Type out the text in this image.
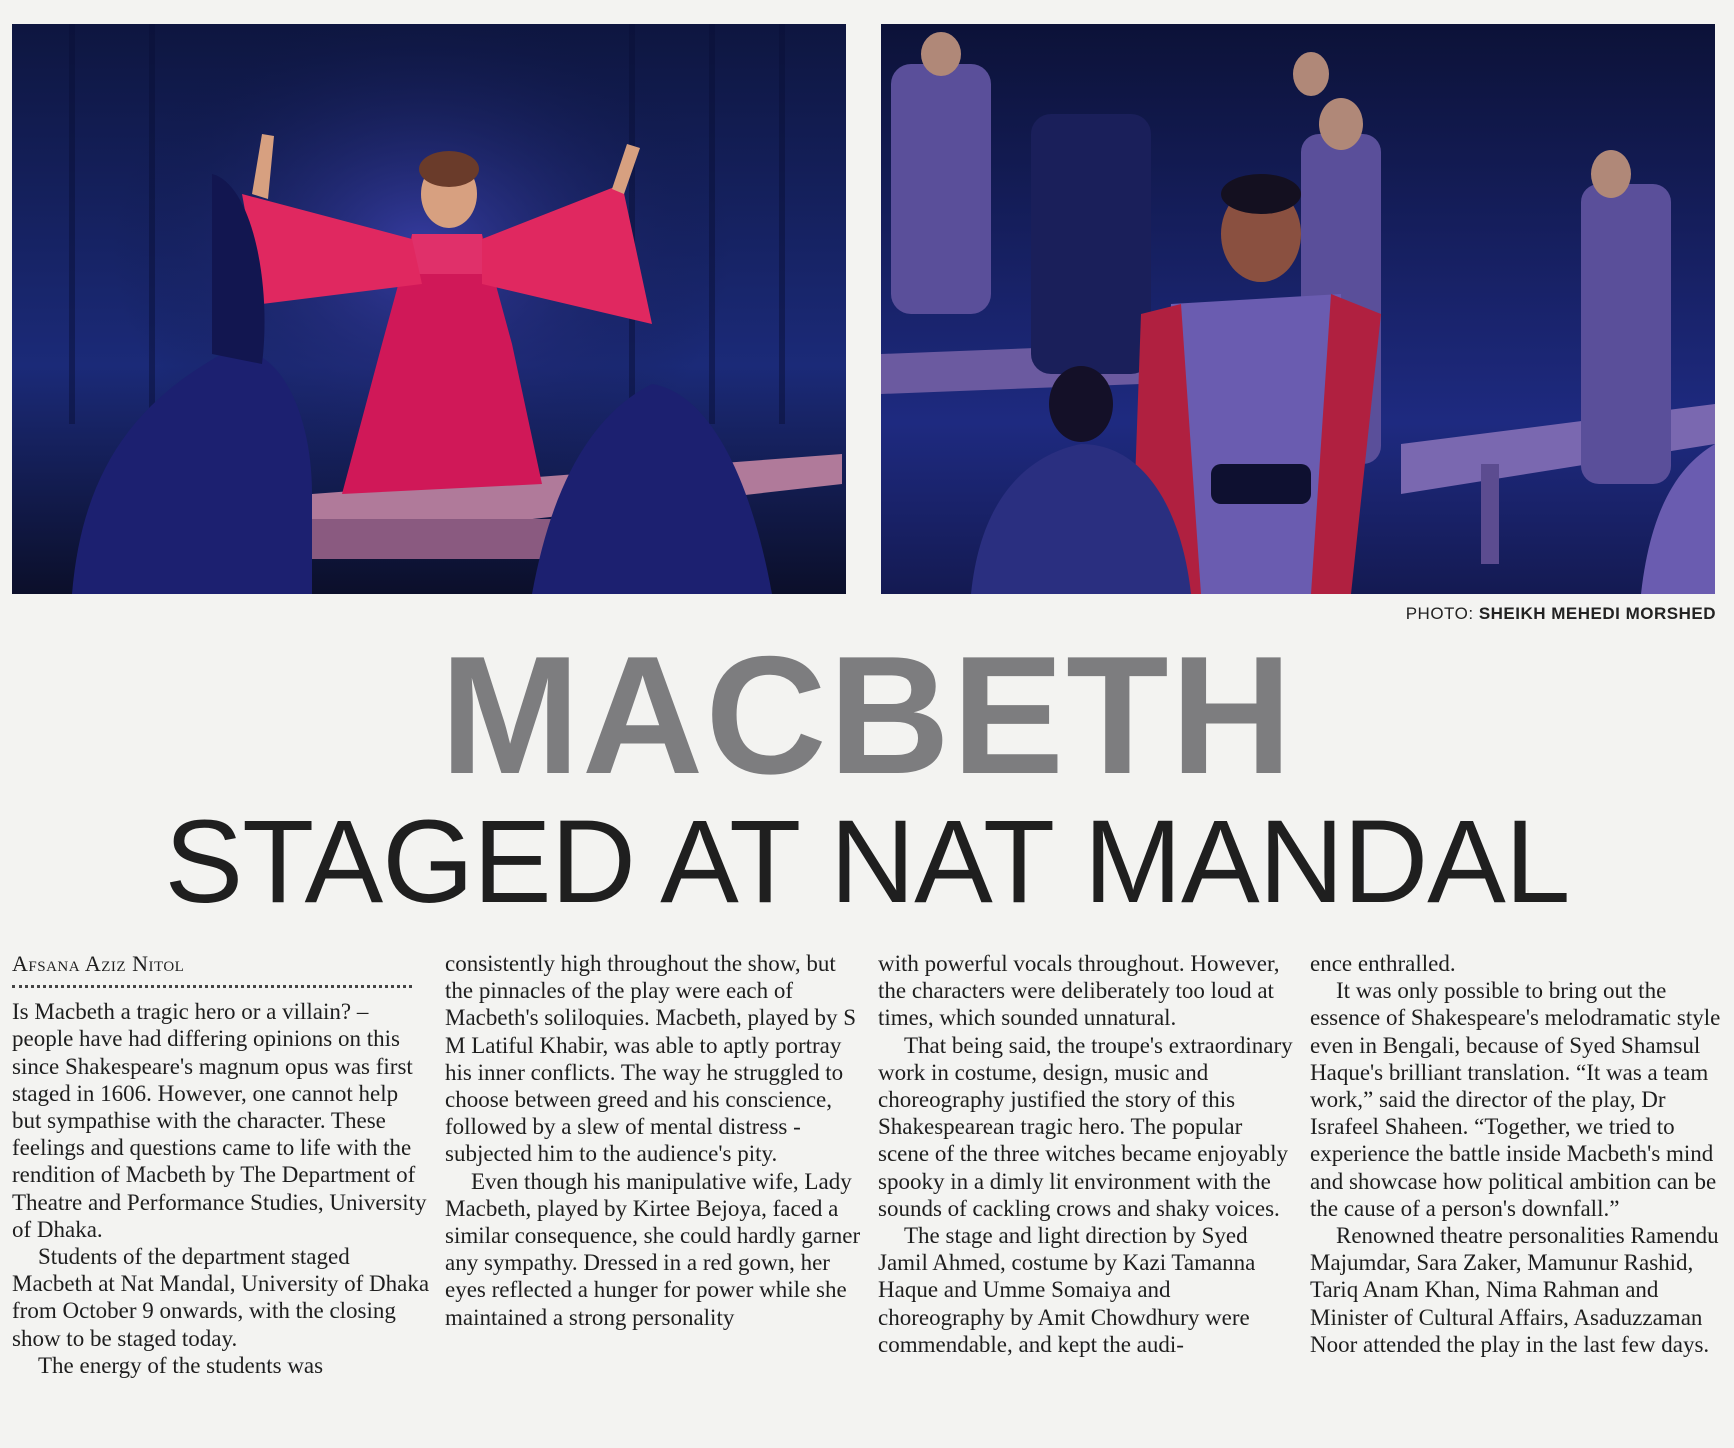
PHOTO: SHEIKH MEHEDI MORSHED
MACBETH
STAGED AT NAT MANDAL
Afsana Aziz Nitol

Is Macbeth a tragic hero or a villain? – people have had differing opinions on this since Shakespeare's magnum opus was first staged in 1606. However, one cannot help but sympathise with the character. These feelings and questions came to life with the rendition of Macbeth by The Department of Theatre and Performance Studies, University of Dhaka.

Students of the department staged Macbeth at Nat Mandal, University of Dhaka from October 9 onwards, with the closing show to be staged today.

The energy of the students was

consistently high throughout the show, but the pinnacles of the play were each of Macbeth's soliloquies. Macbeth, played by S M Latiful Khabir, was able to aptly portray his inner conflicts. The way he struggled to choose between greed and his conscience, followed by a slew of mental distress - subjected him to the audience's pity.

Even though his manipulative wife, Lady Macbeth, played by Kirtee Bejoya, faced a similar consequence, she could hardly garner any sympathy. Dressed in a red gown, her eyes reflected a hunger for power while she maintained a strong personality

with powerful vocals throughout. However, the characters were deliberately too loud at times, which sounded unnatural.

That being said, the troupe's extraordinary work in costume, design, music and choreography justified the story of this Shakespearean tragic hero. The popular scene of the three witches became enjoyably spooky in a dimly lit environment with the sounds of cackling crows and shaky voices.

The stage and light direction by Syed Jamil Ahmed, costume by Kazi Tamanna Haque and Umme Somaiya and choreography by Amit Chowdhury were commendable, and kept the audi-

ence enthralled.

It was only possible to bring out the essence of Shakespeare's melodramatic style even in Bengali, because of Syed Shamsul Haque's brilliant translation. “It was a team work,” said the director of the play, Dr Israfeel Shaheen. “Together, we tried to experience the battle inside Macbeth's mind and showcase how political ambition can be the cause of a person's downfall.”

Renowned theatre personalities Ramendu Majumdar, Sara Zaker, Mamunur Rashid, Tariq Anam Khan, Nima Rahman and Minister of Cultural Affairs, Asaduzzaman Noor attended the play in the last few days.
